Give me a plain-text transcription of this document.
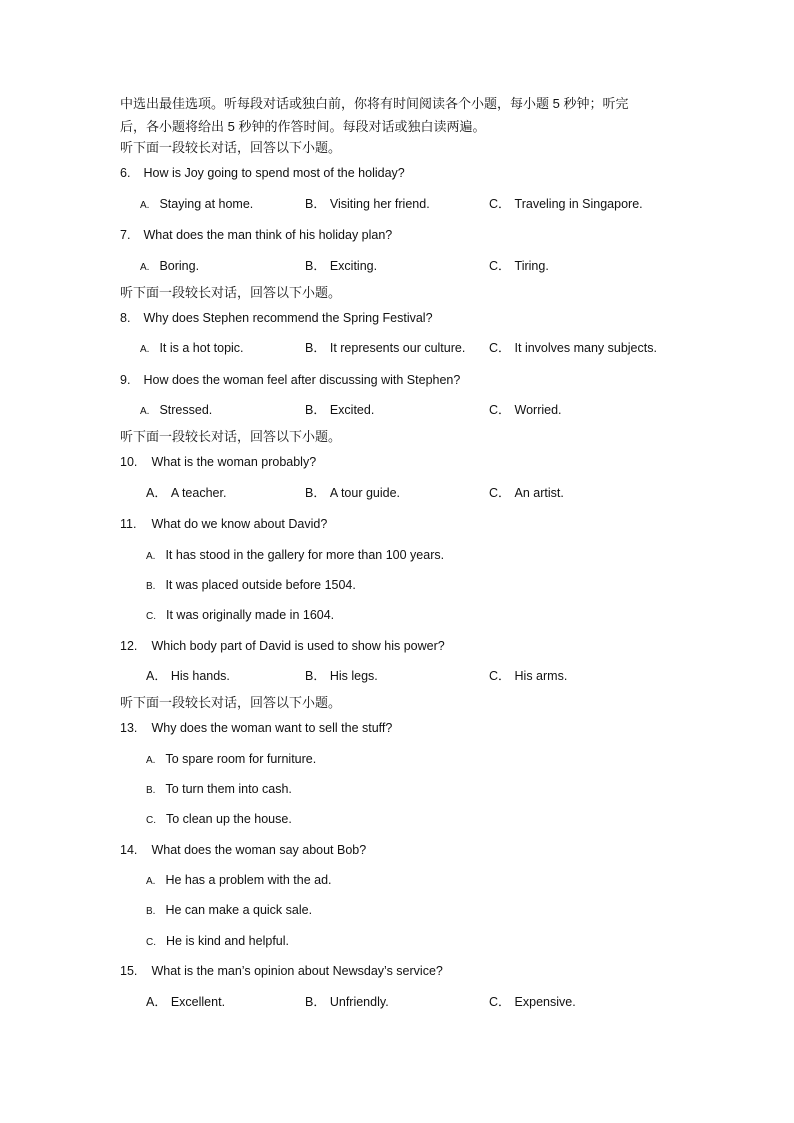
中选出最佳选项。听每段对话或独白前，你将有时间阅读各个小题，每小题 5 秒钟；听完
后，各小题将给出 5 秒钟的作答时间。每段对话或独白读两遍。
听下面一段较长对话，回答以下小题。
6. How is Joy going to spend most of the holiday?
A. Staying at home.	B． Visiting her friend.	C． Traveling in Singapore.
7. What does the man think of his holiday plan?
A. Boring.	B． Exciting.	C． Tiring.
听下面一段较长对话，回答以下小题。
8. Why does Stephen recommend the Spring Festival?
A. It is a hot topic.	B． It represents our culture. C． It involves many subjects.
9. How does the woman feel after discussing with Stephen?
A. Stressed.	B． Excited.	C． Worried.
听下面一段较长对话，回答以下小题。
10. What is the woman probably?
A． A teacher.	B． A tour guide.	C． An artist.
11. What do we know about David?
A. It has stood in the gallery for more than 100 years.
B. It was placed outside before 1504.
C. It was originally made in 1604.
12. Which body part of David is used to show his power?
A． His hands.	B． His legs.	C． His arms.
听下面一段较长对话，回答以下小题。
13. Why does the woman want to sell the stuff?
A. To spare room for furniture.
B. To turn them into cash.
C. To clean up the house.
14. What does the woman say about Bob?
A. He has a problem with the ad.
B. He can make a quick sale.
C. He is kind and helpful.
15. What is the man’s opinion about Newsday’s service?
A． Excellent.	B． Unfriendly.	C． Expensive.
